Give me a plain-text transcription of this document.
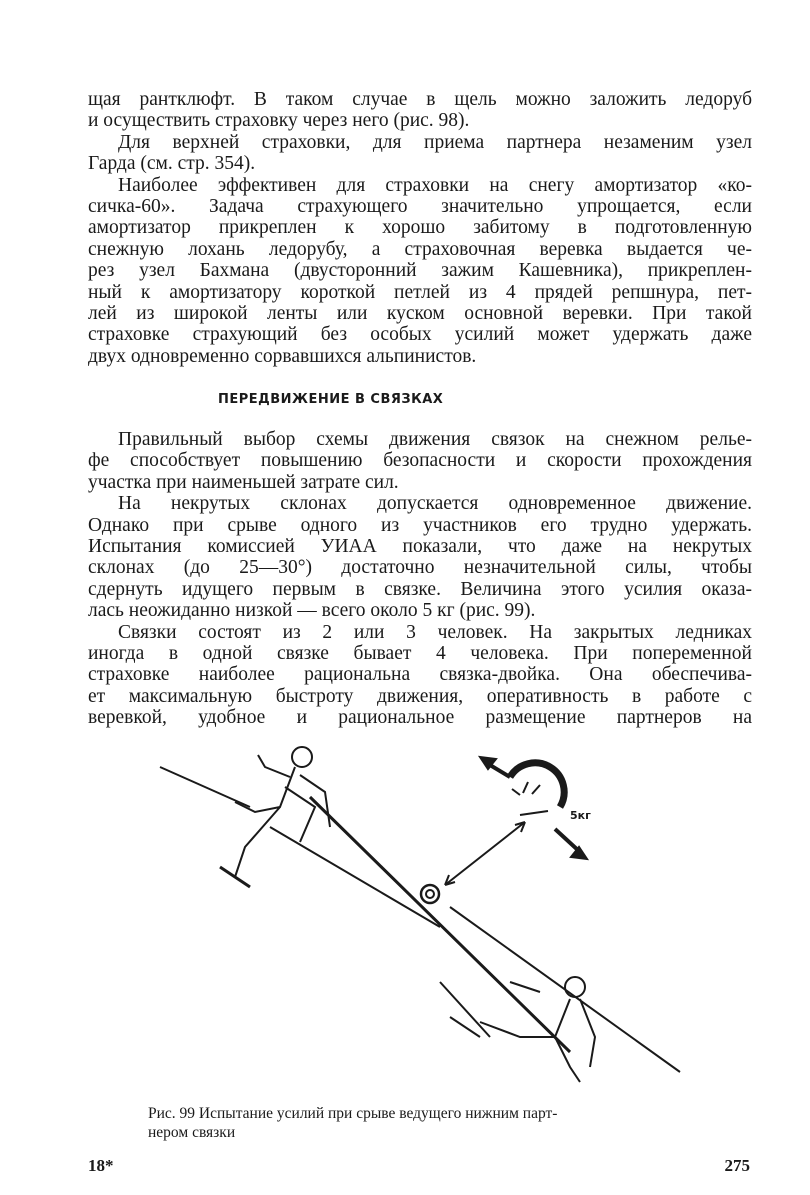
щая рантклюфт. В таком случае в щель можно заложить ледоруб
и осуществить страховку через него (рис. 98).
Для верхней страховки, для приема партнера незаменим узел
Гарда (см. стр. 354).
Наиболее эффективен для страховки на снегу амортизатор «ко-
сичка-60». Задача страхующего значительно упрощается, если
амортизатор прикреплен к хорошо забитому в подготовленную
снежную лохань ледорубу, а страховочная веревка выдается че-
рез узел Бахмана (двусторонний зажим Кашевника), прикреплен-
ный к амортизатору короткой петлей из 4 прядей репшнура, пет-
лей из широкой ленты или куском основной веревки. При такой
страховке страхующий без особых усилий может удержать даже
двух одновременно сорвавшихся альпинистов.
ПЕРЕДВИЖЕНИЕ В СВЯЗКАХ
Правильный выбор схемы движения связок на снежном релье-
фе способствует повышению безопасности и скорости прохождения
участка при наименьшей затрате сил.
На некрутых склонах допускается одновременное движение.
Однако при срыве одного из участников его трудно удержать.
Испытания комиссией УИАА показали, что даже на некрутых
склонах (до 25—30°) достаточно незначительной силы, чтобы
сдернуть идущего первым в связке. Величина этого усилия оказа-
лась неожиданно низкой — всего около 5 кг (рис. 99).
Связки состоят из 2 или 3 человек. На закрытых ледниках
иногда в одной связке бывает 4 человека. При попеременной
страховке наиболее рациональна связка-двойка. Она обеспечива-
ет максимальную быстроту движения, оперативность в работе с
веревкой, удобное и рациональное размещение партнеров на
5кг
Рис. 99 Испытание усилий при срыве ведущего нижним парт-
нером связки
18*	275
